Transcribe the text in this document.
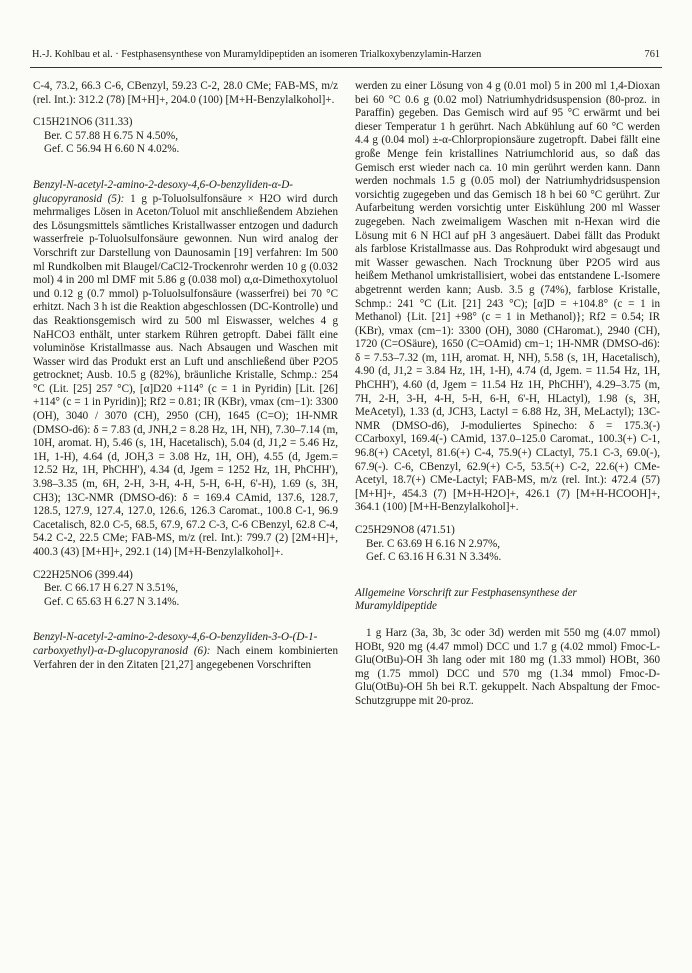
H.-J. Kohlbau et al. · Festphasensynthese von Muramyldipeptiden an isomeren Trialkoxybenzylamin-Harzen	761

C-4, 73.2, 66.3 C-6, CBenzyl, 59.23 C-2, 28.0 CMe; FAB-MS, m/z (rel. Int.): 312.2 (78) [M+H]+, 204.0 (100) [M+H-Benzylalkohol]+.

C15H21NO6 (311.33)

Ber. C 57.88 H 6.75 N 4.50%,

Gef. C 56.94 H 6.60 N 4.02%.

Benzyl-N-acetyl-2-amino-2-desoxy-4,6-O-benzyliden-α-D-glucopyranosid (5): 1 g p-Toluolsulfonsäure × H2O wird durch mehrmaliges Lösen in Aceton/Toluol mit anschließendem Abziehen des Lösungsmittels sämtliches Kristallwasser entzogen und dadurch wasserfreie p-Toluolsulfonsäure gewonnen. Nun wird analog der Vorschrift zur Darstellung von Daunosamin [19] verfahren: Im 500 ml Rundkolben mit Blaugel/CaCl2-Trockenrohr werden 10 g (0.032 mol) 4 in 200 ml DMF mit 5.86 g (0.038 mol) α,α-Dimethoxytoluol und 0.12 g (0.7 mmol) p-Toluolsulfonsäure (wasserfrei) bei 70 °C erhitzt. Nach 3 h ist die Reaktion abgeschlossen (DC-Kontrolle) und das Reaktionsgemisch wird zu 500 ml Eiswasser, welches 4 g NaHCO3 enthält, unter starkem Rühren getropft. Dabei fällt eine voluminöse Kristallmasse aus. Nach Absaugen und Waschen mit Wasser wird das Produkt erst an Luft und anschließend über P2O5 getrocknet; Ausb. 10.5 g (82%), bräunliche Kristalle, Schmp.: 254 °C (Lit. [25] 257 °C), [α]D20 +114° (c = 1 in Pyridin) [Lit. [26] +114° (c = 1 in Pyridin)]; Rf2 = 0.81; IR (KBr), νmax (cm−1): 3300 (OH), 3040 / 3070 (CH), 2950 (CH), 1645 (C=O); 1H-NMR (DMSO-d6): δ = 7.83 (d, JNH,2 = 8.28 Hz, 1H, NH), 7.30–7.14 (m, 10H, aromat. H), 5.46 (s, 1H, Hacetalisch), 5.04 (d, J1,2 = 5.46 Hz, 1H, 1-H), 4.64 (d, JOH,3 = 3.08 Hz, 1H, OH), 4.55 (d, Jgem.= 12.52 Hz, 1H, PhCHH'), 4.34 (d, Jgem = 1252 Hz, 1H, PhCHH'), 3.98–3.35 (m, 6H, 2-H, 3-H, 4-H, 5-H, 6-H, 6'-H), 1.69 (s, 3H, CH3); 13C-NMR (DMSO-d6): δ = 169.4 CAmid, 137.6, 128.7, 128.5, 127.9, 127.4, 127.0, 126.6, 126.3 Caromat., 100.8 C-1, 96.9 Cacetalisch, 82.0 C-5, 68.5, 67.9, 67.2 C-3, C-6 CBenzyl, 62.8 C-4, 54.2 C-2, 22.5 CMe; FAB-MS, m/z (rel. Int.): 799.7 (2) [2M+H]+, 400.3 (43) [M+H]+, 292.1 (14) [M+H-Benzylalkohol]+.

C22H25NO6 (399.44)

Ber. C 66.17 H 6.27 N 3.51%,

Gef. C 65.63 H 6.27 N 3.14%.

Benzyl-N-acetyl-2-amino-2-desoxy-4,6-O-benzyliden-3-O-(D-1-carboxyethyl)-α-D-glucopyranosid (6): Nach einem kombinierten Verfahren der in den Zitaten [21,27] angegebenen Vorschriften

werden zu einer Lösung von 4 g (0.01 mol) 5 in 200 ml 1,4-Dioxan bei 60 °C 0.6 g (0.02 mol) Natriumhydridsuspension (80-proz. in Paraffin) gegeben. Das Gemisch wird auf 95 °C erwärmt und bei dieser Temperatur 1 h gerührt. Nach Abkühlung auf 60 °C werden 4.4 g (0.04 mol) ±-α-Chlorpropionsäure zugetropft. Dabei fällt eine große Menge fein kristallines Natriumchlorid aus, so daß das Gemisch erst wieder nach ca. 10 min gerührt werden kann. Dann werden nochmals 1.5 g (0.05 mol) der Natriumhydridsuspension vorsichtig zugegeben und das Gemisch 18 h bei 60 °C gerührt. Zur Aufarbeitung werden vorsichtig unter Eiskühlung 200 ml Wasser zugegeben. Nach zweimaligem Waschen mit n-Hexan wird die Lösung mit 6 N HCl auf pH 3 angesäuert. Dabei fällt das Produkt als farblose Kristallmasse aus. Das Rohprodukt wird abgesaugt und mit Wasser gewaschen. Nach Trocknung über P2O5 wird aus heißem Methanol umkristallisiert, wobei das entstandene L-Isomere abgetrennt werden kann; Ausb. 3.5 g (74%), farblose Kristalle, Schmp.: 241 °C (Lit. [21] 243 °C); [α]D = +104.8° (c = 1 in Methanol) {Lit. [21] +98° (c = 1 in Methanol)}; Rf2 = 0.54; IR (KBr), νmax (cm−1): 3300 (OH), 3080 (CHaromat.), 2940 (CH), 1720 (C=OSäure), 1650 (C=OAmid) cm−1; 1H-NMR (DMSO-d6): δ = 7.53–7.32 (m, 11H, aromat. H, NH), 5.58 (s, 1H, Hacetalisch), 4.90 (d, J1,2 = 3.84 Hz, 1H, 1-H), 4.74 (d, Jgem. = 11.54 Hz, 1H, PhCHH'), 4.60 (d, Jgem = 11.54 Hz 1H, PhCHH'), 4.29–3.75 (m, 7H, 2-H, 3-H, 4-H, 5-H, 6-H, 6'-H, HLactyl), 1.98 (s, 3H, MeAcetyl), 1.33 (d, JCH3, Lactyl = 6.88 Hz, 3H, MeLactyl); 13C-NMR (DMSO-d6), J-moduliertes Spinecho: δ = 175.3(-) CCarboxyl, 169.4(-) CAmid, 137.0–125.0 Caromat., 100.3(+) C-1, 96.8(+) CAcetyl, 81.6(+) C-4, 75.9(+) CLactyl, 75.1 C-3, 69.0(-), 67.9(-). C-6, CBenzyl, 62.9(+) C-5, 53.5(+) C-2, 22.6(+) CMe-Acetyl, 18.7(+) CMe-Lactyl; FAB-MS, m/z (rel. Int.): 472.4 (57) [M+H]+, 454.3 (7) [M+H-H2O]+, 426.1 (7) [M+H-HCOOH]+, 364.1 (100) [M+H-Benzylalkohol]+.

C25H29NO8 (471.51)

Ber. C 63.69 H 6.16 N 2.97%,

Gef. C 63.16 H 6.31 N 3.34%.

Allgemeine Vorschrift zur Festphasensynthese der Muramyldipeptide

1 g Harz (3a, 3b, 3c oder 3d) werden mit 550 mg (4.07 mmol) HOBt, 920 mg (4.47 mmol) DCC und 1.7 g (4.02 mmol) Fmoc-L-Glu(OtBu)-OH 3h lang oder mit 180 mg (1.33 mmol) HOBt, 360 mg (1.75 mmol) DCC und 570 mg (1.34 mmol) Fmoc-D-Glu(OtBu)-OH 5h bei R.T. gekuppelt. Nach Abspaltung der Fmoc-Schutzgruppe mit 20-proz.
